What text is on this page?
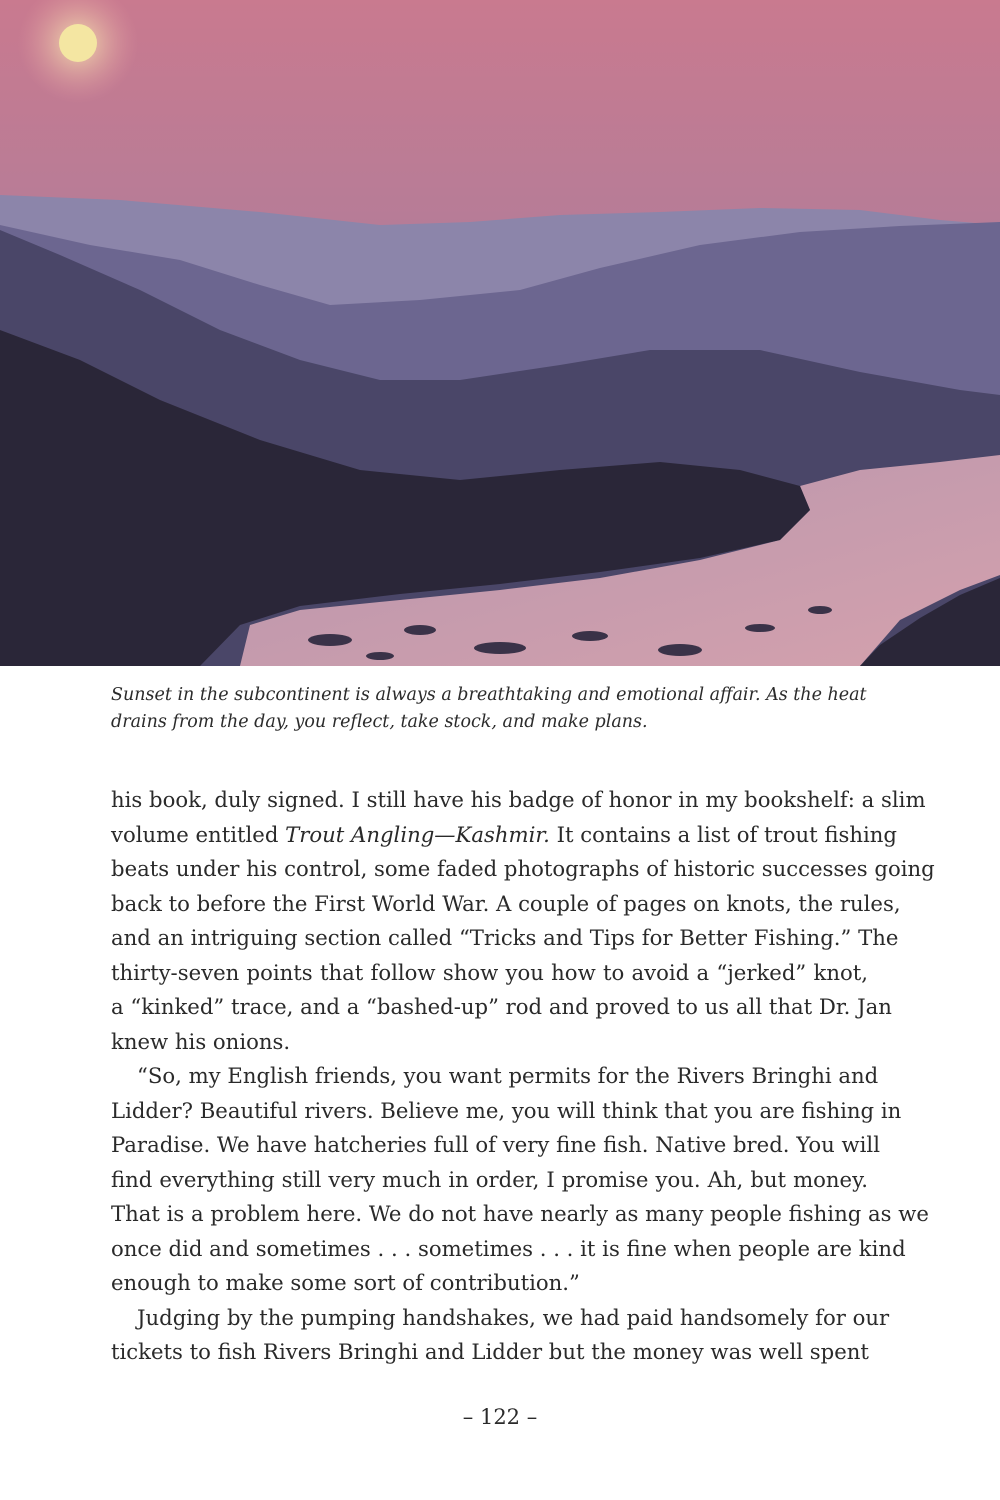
Sunset in the subcontinent is always a breathtaking and emotional affair. As the heat
drains from the day, you reflect, take stock, and make plans.

his book, duly signed. I still have his badge of honor in my bookshelf: a slim
volume entitled Trout Angling—Kashmir. It contains a list of trout fishing
beats under his control, some faded photographs of historic successes going
back to before the First World War. A couple of pages on knots, the rules,
and an intriguing section called “Tricks and Tips for Better Fishing.” The
thirty-seven points that follow show you how to avoid a “jerked” knot,
a “kinked” trace, and a “bashed-up” rod and proved to us all that Dr. Jan
knew his onions.
“So, my English friends, you want permits for the Rivers Bringhi and
Lidder? Beautiful rivers. Believe me, you will think that you are fishing in
Paradise. We have hatcheries full of very fine fish. Native bred. You will
find everything still very much in order, I promise you. Ah, but money.
That is a problem here. We do not have nearly as many people fishing as we
once did and sometimes . . . sometimes . . . it is fine when people are kind
enough to make some sort of contribution.”
Judging by the pumping handshakes, we had paid handsomely for our
tickets to fish Rivers Bringhi and Lidder but the money was well spent
– 122 –
